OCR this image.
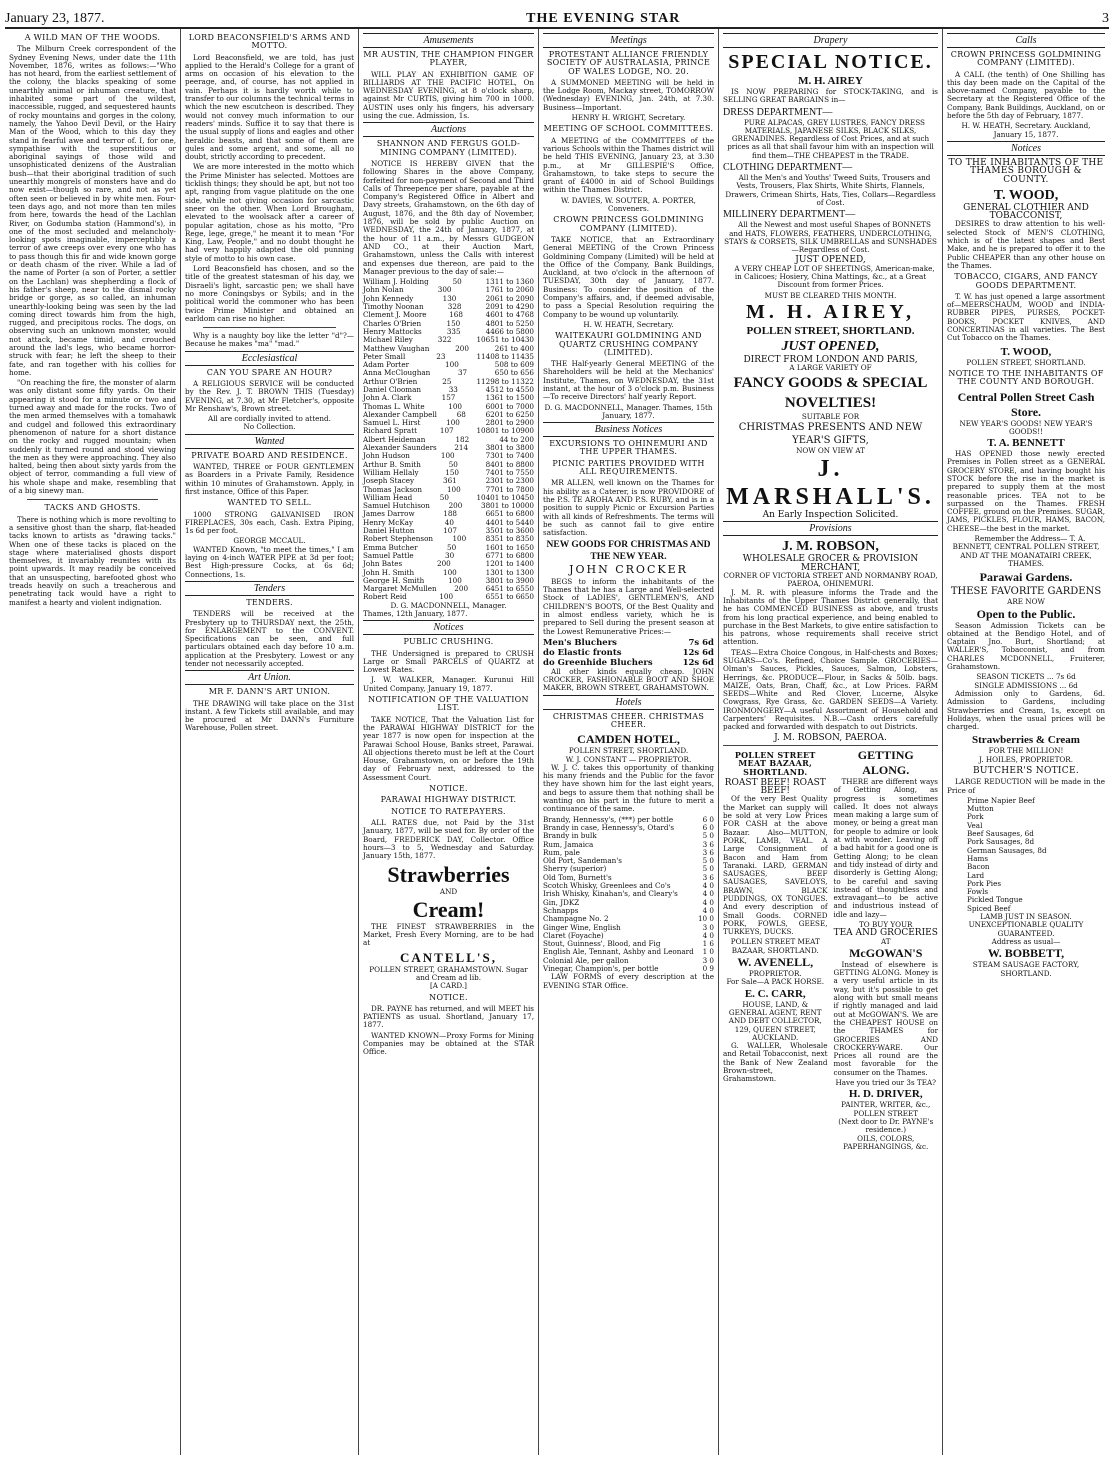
January 23, 1877.	THE EVENING STAR	3
A WILD MAN OF THE WOODS.

The Milburn Creek correspondent of the Sydney Evening News, under date the 11th November, 1876, writes as follows:—"Who has not heard, from the earliest settlement of the colony, the blacks speaking of some unearthly animal or inhuman creature, that inhabited some part of the wildest, inaccessible, rugged, and sequestered haunts of rocky mountains and gorges in the colony, namely, the Yahoo Devil Devil, or the Hairy Man of the Wood, which to this day they stand in fearful awe and terror of. I, for one, sympathise with the superstitious or aboriginal sayings of those wild and unsophisticated denizens of the Australian bush—that their aboriginal tradition of such unearthly mongrels of monsters have and do now exist—though so rare, and not as yet often seen or believed in by white men. Four-teen days ago, and not more than ten miles from here, towards the head of the Lachlan River, on Godumba station (Hammond's), in one of the most secluded and melancholy-looking spots imaginable, imperceptibly a terror of awe creeps over every one who has to pass though this fir and wide known gorge or death chasm of the river. While a lad of the name of Porter (a son of Porter, a settler on the Lachlan) was shepherding a flock of his father's sheep, near to the dismal rocky bridge or gorge, as so called, an inhuman unearthly-looking being was seen by the lad coming direct towards him from the high, rugged, and precipitous rocks. The dogs, on observing such an unknown monster, would not attack, became timid, and crouched around the lad's legs, who became horror-struck with fear; he left the sheep to their fate, and ran together with his collies for home.

"On reaching the fire, the monster of alarm was only distant some fifty yards. On their appearing it stood for a minute or two and turned away and made for the rocks. Two of the men armed themselves with a tomahawk and cudgel and followed this extraordinary phenomenon of nature for a short distance on the rocky and rugged mountain; when suddenly it turned round and stood viewing the men as they were approaching. They also halted, being then about sixty yards from the object of terror, commanding a full view of his whole shape and make, resembling that of a big sinewy man.

TACKS AND GHOSTS.

There is nothing which is more revolting to a sensitive ghost than the sharp, flat-headed tacks known to artists as "drawing tacks." When one of these tacks is placed on the stage where materialised ghosts disport themselves, it invariably reunites with its point upwards. It may readily be conceived that an unsuspecting, barefooted ghost who treads heavily on such a treacherous and penetrating tack would have a right to manifest a hearty and violent indignation.

LORD BEACONSFIELD'S ARMS AND MOTTO.

Lord Beaconsfield, we are told, has just applied to the Herald's College for a grant of arms on occasion of his elevation to the peerage, and, of course, has not applied in vain. Perhaps it is hardly worth while to transfer to our columns the technical terms in which the new escutcheon is described. They would not convey much information to our readers' minds. Suffice it to say that there is the usual supply of lions and eagles and other heraldic beasts, and that some of them are gules and some argent, and some, all no doubt, strictly according to precedent.

We are more interested in the motto which the Prime Minister has selected. Mottoes are ticklish things; they should be apt, but not too apt, ranging from vague platitude on the one side, while not giving occasion for sarcastic sneer on the other. When Lord Brougham, elevated to the woolsack after a career of popular agitation, chose as his motto, "Pro Rege, lege, grege," he meant it to mean "For King, Law, People," and no doubt thought he had very happily adapted the old punning style of motto to his own case.

Lord Beaconsfield has chosen, and so the title of the greatest statesman of his day, we Disraeli's light, sarcastic pen; we shall have no more Coningsbys or Sybils; and in the political world the commoner who has been twice Prime Minister and obtained an earldom can rise no higher.

Why is a naughty boy like the letter "d"?—Because he makes "ma" "mad."

Ecclesiastical
CAN YOU SPARE AN HOUR?

A RELIGIOUS SERVICE will be conducted by the Rev. J. T. BROWN THIS (Tuesday) EVENING, at 7.30, at Mr Fletcher's, opposite Mr Renshaw's, Brown street.

All are cordially invited to attend.
No Collection.
Wanted
PRIVATE BOARD AND RESIDENCE.

WANTED, THREE or FOUR GENTLEMEN as Boarders in a Private Family, Residence within 10 minutes of Grahamstown. Apply, in first instance, Office of this Paper.

WANTED TO SELL.

1000 STRONG GALVANISED IRON FIREPLACES, 30s each, Cash. Extra Piping, 1s 6d per foot.

GEORGE MCCAUL.

WANTED Known, "to meet the times," I am laying on 4-inch WATER PIPE at 3d per foot; Best High-pressure Cocks, at 6s 6d; Connections, 1s.

Tenders
TENDERS.

TENDERS will be received at the Presbytery up to THURSDAY next, the 25th, for ENLARGEMENT to the CONVENT. Specifications can be seen, and full particulars obtained each day before 10 a.m. application at the Presbytery. Lowest or any tender not necessarily accepted.

Art Union.
MR F. DANN'S ART UNION.

THE DRAWING will take place on the 31st instant. A few Tickets still available, and may be procured at Mr DANN's Furniture Warehouse, Pollen street.

Amusements
MR AUSTIN, THE CHAMPION FINGER PLAYER,

WILL PLAY AN EXHIBITION GAME OF BILLIARDS AT THE PACIFIC HOTEL, On WEDNESDAY EVENING, at 8 o'clock sharp, against Mr CURTIS, giving him 700 in 1000. AUSTIN uses only his fingers, his adversary using the cue. Admission, 1s.

Auctions
SHANNON AND FERGUS GOLD-MINING COMPANY (LIMITED).

NOTICE IS HEREBY GIVEN that the following Shares in the above Company, forfeited for non-payment of Second and Third Calls of Threepence per share, payable at the Company's Registered Office in Albert and Davy streets, Grahamstown, on the 6th day of August, 1876, and the 8th day of November, 1876, will be sold by public Auction on WEDNESDAY, the 24th of January, 1877, at the hour of 11 a.m., by Messrs GUDGEON AND CO., at their Auction Mart, Grahamstown, unless the Calls with interest and expenses due thereon, are paid to the Manager previous to the day of sale:—

William J. Holding	50	1311 to 1360
John Nolan	300	1761 to 2060
John Kennedy	130	2061 to 2090
Timothy Noonan	328	2091 to 4290
Clement J. Moore	168	4601 to 4768
Charles O'Brien	150	4801 to 5250
Henry Mattocks	335	4466 to 5800
Michael Riley	322	10651 to 10430
Matthew Vaughan	200	261 to 400
Peter Small	23	11408 to 11435
Adam Porter	100	508 to 609
Anna McCloughan	37	650 to 656
Arthur O'Brien	25	11298 to 11322
Daniel Clooman	33	4512 to 4550
John A. Clark	157	1361 to 1500
Thomas L. White	100	6001 to 7000
Alexander Campbell	68	6201 to 6250
Samuel L. Hirst	100	2801 to 2900
Richard Spratt	107	10801 to 10900
Albert Heideman	182	44 to 200
Alexander Saunders 214 3801 to 3800
John Hudson	100	7301 to 7400
Arthur B. Smith	50	8401 to 8800
William Hellaly	150	7401 to 7550
Joseph Stacey	361	2301 to 2300
Thomas Jackson	100	7701 to 7800
William Head	50	10401 to 10450
Samuel Hutchison	200	3801 to 10000
James Darrow	188	6651 to 6800
Henry McKay	40	4401 to 5440
Daniel Hutton	107	3501 to 3600
Robert Stephenson	100	8351 to 8350
Emma Butcher	50	1601 to 1650
Samuel Pattle	30	6771 to 6800
John Bates	200	1201 to 1400
John H. Smith	100	1301 to 1300
George H. Smith	100	3801 to 3900
Margaret McMullen 200 6451 to 6550
Robert Reid	100	6551 to 6650
D. G. MACDONNELL, Manager.
Thames, 12th January, 1877.
Notices
PUBLIC CRUSHING.

THE Undersigned is prepared to CRUSH Large or Small PARCELS of QUARTZ at Lowest Rates.

J. W. WALKER, Manager. Kurunui Hill United Company, January 19, 1877.

NOTIFICATION OF THE VALUATION LIST.

TAKE NOTICE, That the Valuation List for the PARAWAI HIGHWAY DISTRICT for the year 1877 is now open for inspection at the Parawai School House, Banks street, Parawai. All objections thereto must be left at the Court House, Grahamstown, on or before the 19th day of February next, addressed to the Assessment Court.

NOTICE.
PARAWAI HIGHWAY DISTRICT.
NOTICE TO RATEPAYERS.

ALL RATES due, not Paid by the 31st January, 1877, will be sued for. By order of the Board, FREDERICK DAY, Collector. Office hours—3 to 5, Wednesday and Saturday. January 15th, 1877.

Strawberries
AND
Cream!

THE FINEST STRAWBERRIES in the Market, Fresh Every Morning, are to be had at

CANTELL'S,
POLLEN STREET, GRAHAMSTOWN. Sugar and Cream ad lib.
[A CARD.]
NOTICE.

DR. PAYNE has returned, and will MEET his PATIENTS as usual. Shortland, January 17, 1877.

WANTED KNOWN—Proxy Forms for Mining Companies may be obtained at the STAR Office.

Meetings
PROTESTANT ALLIANCE FRIENDLY SOCIETY OF AUSTRALASIA, PRINCE OF WALES LODGE, NO. 20.

A SUMMONED MEETING will be held in the Lodge Room, Mackay street, TOMORROW (Wednesday) EVENING, Jan. 24th, at 7.30. Business—Important.

HENRY H. WRIGHT, Secretary.
MEETING OF SCHOOL COMMITTEES.

A MEETING of the COMMITTEES of the various Schools within the Thames district will be held THIS EVENING, January 23, at 3.30 p.m., at Mr GILLESPIE'S Office, Grahamstown, to take steps to secure the grant of £4000 in aid of School Buildings within the Thames District.

W. DAVIES, W. SOUTER, A. PORTER, Conveners.
CROWN PRINCESS GOLDMINING COMPANY (LIMITED).

TAKE NOTICE, that an Extraordinary General MEETING of the Crown Princess Goldmining Company (Limited) will be held at the Office of the Company, Bank Buildings, Auckland, at two o'clock in the afternoon of TUESDAY, 30th day of January, 1877. Business: To consider the position of the Company's affairs, and, if deemed advisable, to pass a Special Resolution requiring the Company to be wound up voluntarily.

H. W. HEATH, Secretary.
WAITEKAURI GOLDMINING AND QUARTZ CRUSHING COMPANY (LIMITED).

THE Half-yearly General MEETING of the Shareholders will be held at the Mechanics' Institute, Thames, on WEDNESDAY, the 31st instant, at the hour of 3 o'clock p.m. Business—To receive Directors' half yearly Report.

D. G. MACDONNELL, Manager. Thames, 15th January, 1877.
Business Notices
EXCURSIONS TO OHINEMURI AND THE UPPER THAMES.
PICNIC PARTIES PROVIDED WITH ALL REQUIREMENTS.

MR ALLEN, well known on the Thames for his ability as a Caterer, is now PROVIDORE of the P.S. TE AROHA AND P.S. RUBY, and is in a position to supply Picnic or Excursion Parties with all kinds of Refreshments. The terms will be such as cannot fail to give entire satisfaction.

NEW GOODS FOR CHRISTMAS AND THE NEW YEAR.
JOHN CROCKER

BEGS to inform the inhabitants of the Thames that he has a Large and Well-selected Stock of LADIES', GENTLEMEN'S, AND CHILDREN'S BOOTS, Of the Best Quality and in almost endless variety, which he is prepared to Sell during the present season at the Lowest Remunerative Prices:—

Men's Bluchers	7s 6d
do Elastic fronts	12s 6d
do Greenhide Bluchers	12s 6d

All other kinds equally cheap. JOHN CROCKER, FASHIONABLE BOOT AND SHOE MAKER, BROWN STREET, GRAHAMSTOWN.

Hotels
CHRISTMAS CHEER. CHRISTMAS CHEER.
CAMDEN HOTEL,
POLLEN STREET, SHORTLAND.
W. J. CONSTANT — PROPRIETOR.

W. J. C. takes this opportunity of thanking his many friends and the Public for the favor they have shown him for the last eight years, and begs to assure them that nothing shall be wanting on his part in the future to merit a continuance of the same.

Brandy, Hennessy's, (***) per bottle	6 0
Brandy in case, Hennessy's, Otard's	6 0
Brandy in bulk	5 0
Rum, Jamaica	3 6
Rum, pale	3 6
Old Port, Sandeman's	5 0
Sherry (superior)	5 0
Old Tom, Burnett's	3 6
Scotch Whisky, Greenlees and Co's	4 0
Irish Whisky, Kinahan's, and Cleary's	4 0
Gin, JDKZ	4 0
Schnapps	4 0
Champagne No. 2	10 0
Ginger Wine, English	3 0
Claret (Foyache)	4 0
Stout, Guinness', Blood, and Fig	1 6
English Ale, Tennant, Ashby and Leonard 1 0
Colonial Ale, per gallon	3 0
Vinegar, Champion's, per bottle	0 9

LAW FORMS of every description at the EVENING STAR Office.

Drapery
SPECIAL NOTICE.
M. H. AIREY

IS NOW PREPARING for STOCK-TAKING, and is SELLING GREAT BARGAINS in—

DRESS DEPARTMENT—

PURE ALPACAS, GREY LUSTRES, FANCY DRESS MATERIALS, JAPANESE SILKS, BLACK SILKS, GRENADINES. Regardless of Cost Prices, and at such prices as all that shall favour him with an inspection will find them—THE CHEAPEST in the TRADE.

CLOTHING DEPARTMENT—

All the Men's and Youths' Tweed Suits, Trousers and Vests, Trousers, Flax Shirts, White Shirts, Flannels, Drawers, Crimean Shirts, Hats, Ties, Collars—Regardless of Cost.

MILLINERY DEPARTMENT—

All the Newest and most useful Shapes of BONNETS and HATS, FLOWERS, FEATHERS, UNDERCLOTHING, STAYS & CORSETS, SILK UMBRELLAS and SUNSHADES—Regardless of Cost.

JUST OPENED,

A VERY CHEAP LOT OF SHEETINGS, American-make, in Calicoes; Hosiery, China Mattings, &c., at a Great Discount from former Prices.

MUST BE CLEARED THIS MONTH.
M. H. AIREY,
POLLEN STREET, SHORTLAND.
JUST OPENED,
DIRECT FROM LONDON AND PARIS,
A LARGE VARIETY OF
FANCY GOODS & SPECIAL NOVELTIES!
SUITABLE FOR
CHRISTMAS PRESENTS AND NEW YEAR'S GIFTS,
NOW ON VIEW AT
J. MARSHALL'S.
An Early Inspection Solicited.
Provisions
J. M. ROBSON,
WHOLESALE GROCER & PROVISION MERCHANT,
CORNER OF VICTORIA STREET AND NORMANBY ROAD, PAEROA, OHINEMURI.

J. M. R. with pleasure informs the Trade and the Inhabitants of the Upper Thames District generally, that he has COMMENCED BUSINESS as above, and trusts from his long practical experience, and being enabled to purchase in the Best Markets, to give entire satisfaction to his patrons, whose requirements shall receive strict attention.

TEAS—Extra Choice Congous, in Half-chests and Boxes; SUGARS—Co's. Refined, Choice Sample. GROCERIES—Olman's Sauces, Pickles, Sauces, Salmon, Lobsters, Herrings, &c. PRODUCE—Flour, in Sacks & 50lb. bags. MAIZE, Oats, Bran, Chaff, &c., at Low Prices. FARM SEEDS—White and Red Clover, Lucerne, Alsyke Cowgrass, Rye Grass, &c. GARDEN SEEDS—A Variety. IRONMONGERY—A useful Assortment of Household and Carpenters' Requisites. N.B.—Cash orders carefully packed and forwarded with despatch to out Districts.

J. M. ROBSON, PAEROA.
POLLEN STREET MEAT BAZAAR, SHORTLAND.
ROAST BEEF! ROAST BEEF!

Of the very Best Quality the Market can supply will be sold at very Low Prices FOR CASH at the above Bazaar. Also—MUTTON, PORK, LAMB, VEAL. A Large Consignment of Bacon and Ham from Taranaki. LARD, GERMAN SAUSAGES, BEEF SAUSAGES, SAVELOYS, BRAWN, BLACK PUDDINGS, OX TONGUES. And every description of Small Goods. CORNED PORK, FOWLS, GEESE, TURKEYS, DUCKS.

POLLEN STREET MEAT BAZAAR, SHORTLAND.
W. AVENELL,
PROPRIETOR.
For Sale—A PACK HORSE.
E. C. CARR,
HOUSE, LAND, & GENERAL AGENT, RENT AND DEBT COLLECTOR, 129, QUEEN STREET, AUCKLAND.

G. WALLER, Wholesale and Retail Tobacconist, next the Bank of New Zealand Brown-street, Grahamstown.

GETTING ALONG.

THERE are different ways of Getting Along, as progress is sometimes called. It does not always mean making a large sum of money, or being a great man for people to admire or look at with wonder. Leaving off a bad habit for a good one is Getting Along; to be clean and tidy instead of dirty and disorderly is Getting Along; to be careful and saving instead of thoughtless and extravagant—to be active and industrious instead of idle and lazy—

TO BUY YOUR
TEA AND GROCERIES
AT
McGOWAN'S

Instead of elsewhere is GETTING ALONG. Money is a very useful article in its way, but it's possible to get along with but small means if rightly managed and laid out at McGOWAN'S. We are the CHEAPEST HOUSE on the THAMES for GROCERIES AND CROCKERY-WARE. Our Prices all round are the most favorable for the consumer on the Thames.

Have you tried our 3s TEA?
H. D. DRIVER,
PAINTER, WRITER, &c.,
POLLEN STREET
(Next door to Dr. PAYNE's residence.)
OILS, COLORS, PAPERHANGINGS, &c.
Calls
CROWN PRINCESS GOLDMINING COMPANY (LIMITED).

A CALL (the tenth) of One Shilling has this day been made on the Capital of the above-named Company, payable to the Secretary at the Registered Office of the Company, Bank Buildings, Auckland, on or before the 5th day of February, 1877.

H. W. HEATH, Secretary. Auckland, January 15, 1877.
Notices
TO THE INHABITANTS OF THE THAMES BOROUGH & COUNTY.
T. WOOD,
GENERAL CLOTHIER AND TOBACCONIST,

DESIRES to draw attention to his well-selected Stock of MEN'S CLOTHING, which is of the latest shapes and Best Make, and he is prepared to offer it to the Public CHEAPER than any other house on the Thames.

TOBACCO, CIGARS, AND FANCY GOODS DEPARTMENT.

T. W. has just opened a large assortment of—MEERSCHAUM, WOOD and INDIA-RUBBER PIPES, PURSES, POCKET-BOOKS, POCKET KNIVES, AND CONCERTINAS in all varieties. The Best Cut Tobacco on the Thames.

T. WOOD,
POLLEN STREET, SHORTLAND.
NOTICE TO THE INHABITANTS OF THE COUNTY AND BOROUGH.
Central Pollen Street Cash Store.
NEW YEAR'S GOODS! NEW YEAR'S GOODS!!
T. A. BENNETT

HAS OPENED those newly erected Premises in Pollen street as a GENERAL GROCERY STORE, and having bought his STOCK before the rise in the market is prepared to supply them at the most reasonable prices. TEA not to be surpassed on the Thames. FRESH COFFEE, ground on the Premises. SUGAR, JAMS, PICKLES, FLOUR, HAMS, BACON, CHEESE—the best in the market.

Remember the Address— T. A. BENNETT, CENTRAL POLLEN STREET, AND AT THE MOANATAIRI CREEK, THAMES.

Parawai Gardens.
THESE FAVORITE GARDENS
ARE NOW
Open to the Public.

Season Admission Tickets can be obtained at the Bendigo Hotel, and of Captain Jno. Burt, Shortland; at WALLER'S, Tobacconist, and from CHARLES MCDONNELL, Fruiterer, Grahamstown.

SEASON TICKETS ... 7s 6d
SINGLE ADMISSIONS ... 6d

Admission only to Gardens, 6d. Admission to Gardens, including Strawberries and Cream, 1s, except on Holidays, when the usual prices will be charged.

Strawberries & Cream
FOR THE MILLION!
J. HOILES, PROPRIETOR.
BUTCHER'S NOTICE.

LARGE REDUCTION will be made in the Price of

Prime Napier Beef
Mutton
Pork
Veal
Beef Sausages, 6d
Pork Sausages, 8d
German Sausages, 8d
Hams
Bacon
Lard
Pork Pies
Fowls
Pickled Tongue
Spiced Beef
LAMB JUST IN SEASON.
UNEXCEPTIONABLE QUALITY GUARANTEED.
Address as usual—
W. BOBBETT,
STEAM SAUSAGE FACTORY, SHORTLAND.
